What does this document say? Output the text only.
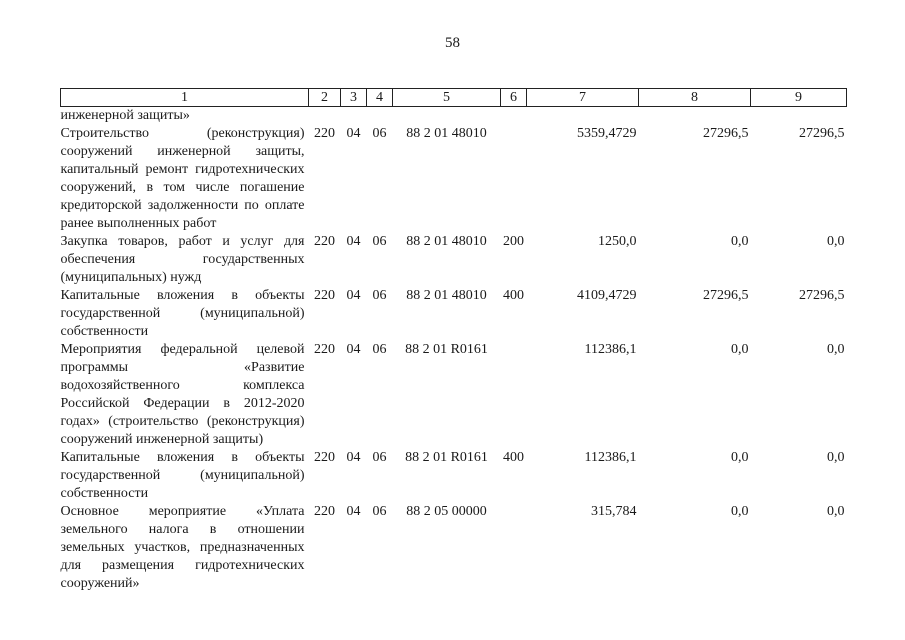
58
1	2	3	4	5	6	7	8	9
инженерной защиты»								
Строительство (реконструкция) сооружений инженерной защиты, капитальный ремонт гидротехнических сооружений, в том числе погашение кредиторской задолженности по оплате ранее выполненных работ	220	04	06	88 2 01 48010		5359,4729	27296,5	27296,5
Закупка товаров, работ и услуг для обеспечения государственных (муниципальных) нужд	220	04	06	88 2 01 48010	200	1250,0	0,0	0,0
Капитальные вложения в объекты государственной (муниципальной) собственности	220	04	06	88 2 01 48010	400	4109,4729	27296,5	27296,5
Мероприятия федеральной целевой программы «Развитие водохозяйственного комплекса Российской Федерации в 2012-2020 годах» (строительство (реконструкция) сооружений инженерной защиты)	220	04	06	88 2 01 R0161		112386,1	0,0	0,0
Капитальные вложения в объекты государственной (муниципальной) собственности	220	04	06	88 2 01 R0161	400	112386,1	0,0	0,0
Основное мероприятие «Уплата земельного налога в отношении земельных участков, предназначенных для размещения гидротехнических сооружений»	220	04	06	88 2 05 00000		315,784	0,0	0,0
